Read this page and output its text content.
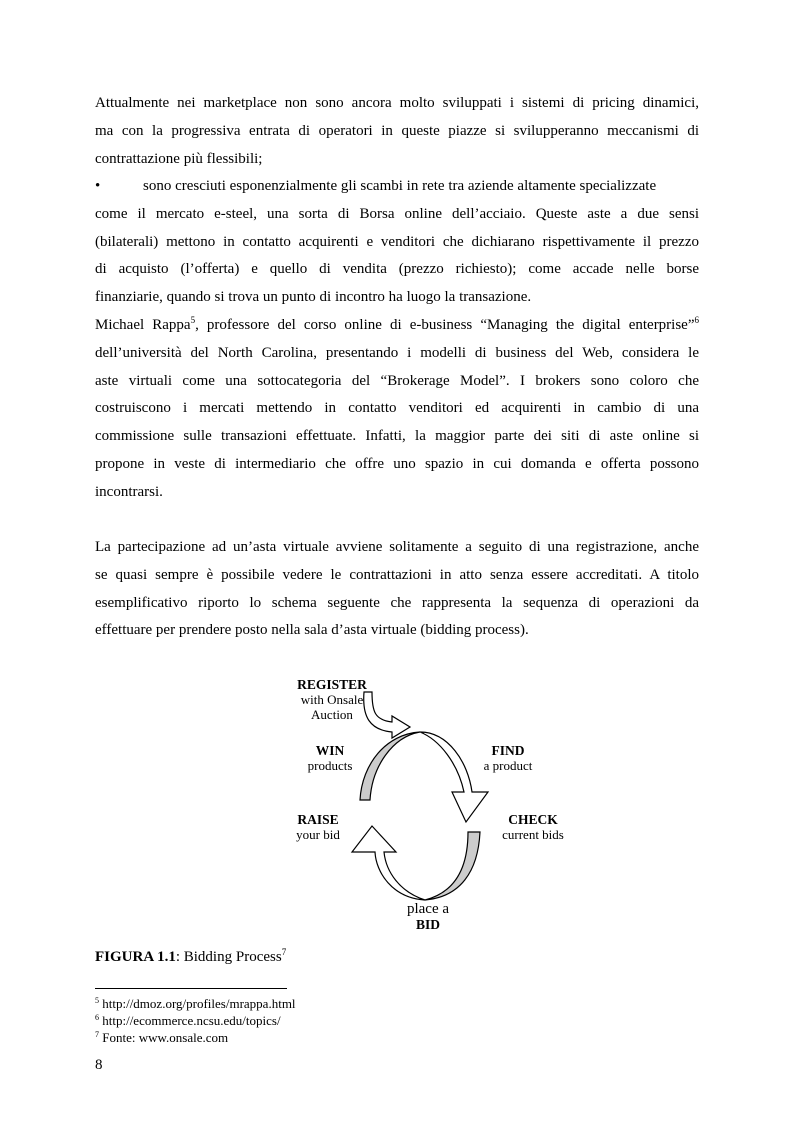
Attualmente nei marketplace non sono ancora molto sviluppati i sistemi di pricing dinamici,
ma con la progressiva entrata di operatori in queste piazze si svilupperanno meccanismi di
contrattazione più flessibili;
•	sono cresciuti esponenzialmente gli scambi in rete tra aziende altamente specializzate
come il mercato e-steel, una sorta di Borsa online dell’acciaio. Queste aste a due sensi
(bilaterali) mettono in contatto acquirenti e venditori che dichiarano rispettivamente il prezzo
di acquisto (l’offerta) e quello di vendita (prezzo richiesto); come accade nelle borse
finanziarie, quando si trova un punto di incontro ha luogo la transazione.
Michael Rappa$^5$, professore del corso online di e-business “Managing the digital enterprise”$^6$
dell’università del North Carolina, presentando i modelli di business del Web, considera le
aste virtuali come una sottocategoria del “Brokerage Model”. I brokers sono coloro che
costruiscono i mercati mettendo in contatto venditori ed acquirenti in cambio di una
commissione sulle transazioni effettuate. Infatti, la maggior parte dei siti di aste online si
propone in veste di intermediario che offre uno spazio in cui domanda e offerta possono
incontrarsi.
La partecipazione ad un’asta virtuale avviene solitamente a seguito di una registrazione, anche
se quasi sempre è possibile vedere le contrattazioni in atto senza essere accreditati. A titolo
esemplificativo riporto lo schema seguente che rappresenta la sequenza di operazioni da
effettuare per prendere posto nella sala d’asta virtuale (bidding process).
REGISTER
with Onsale
Auction
WIN
products
FIND
a product
RAISE
your bid
CHECK
current bids
place a
BID
FIGURA 1.1: Bidding Process$^7$
$^5$ http://dmoz.org/profiles/mrappa.html
$^6$ http://ecommerce.ncsu.edu/topics/
$^7$ Fonte: www.onsale.com
8
